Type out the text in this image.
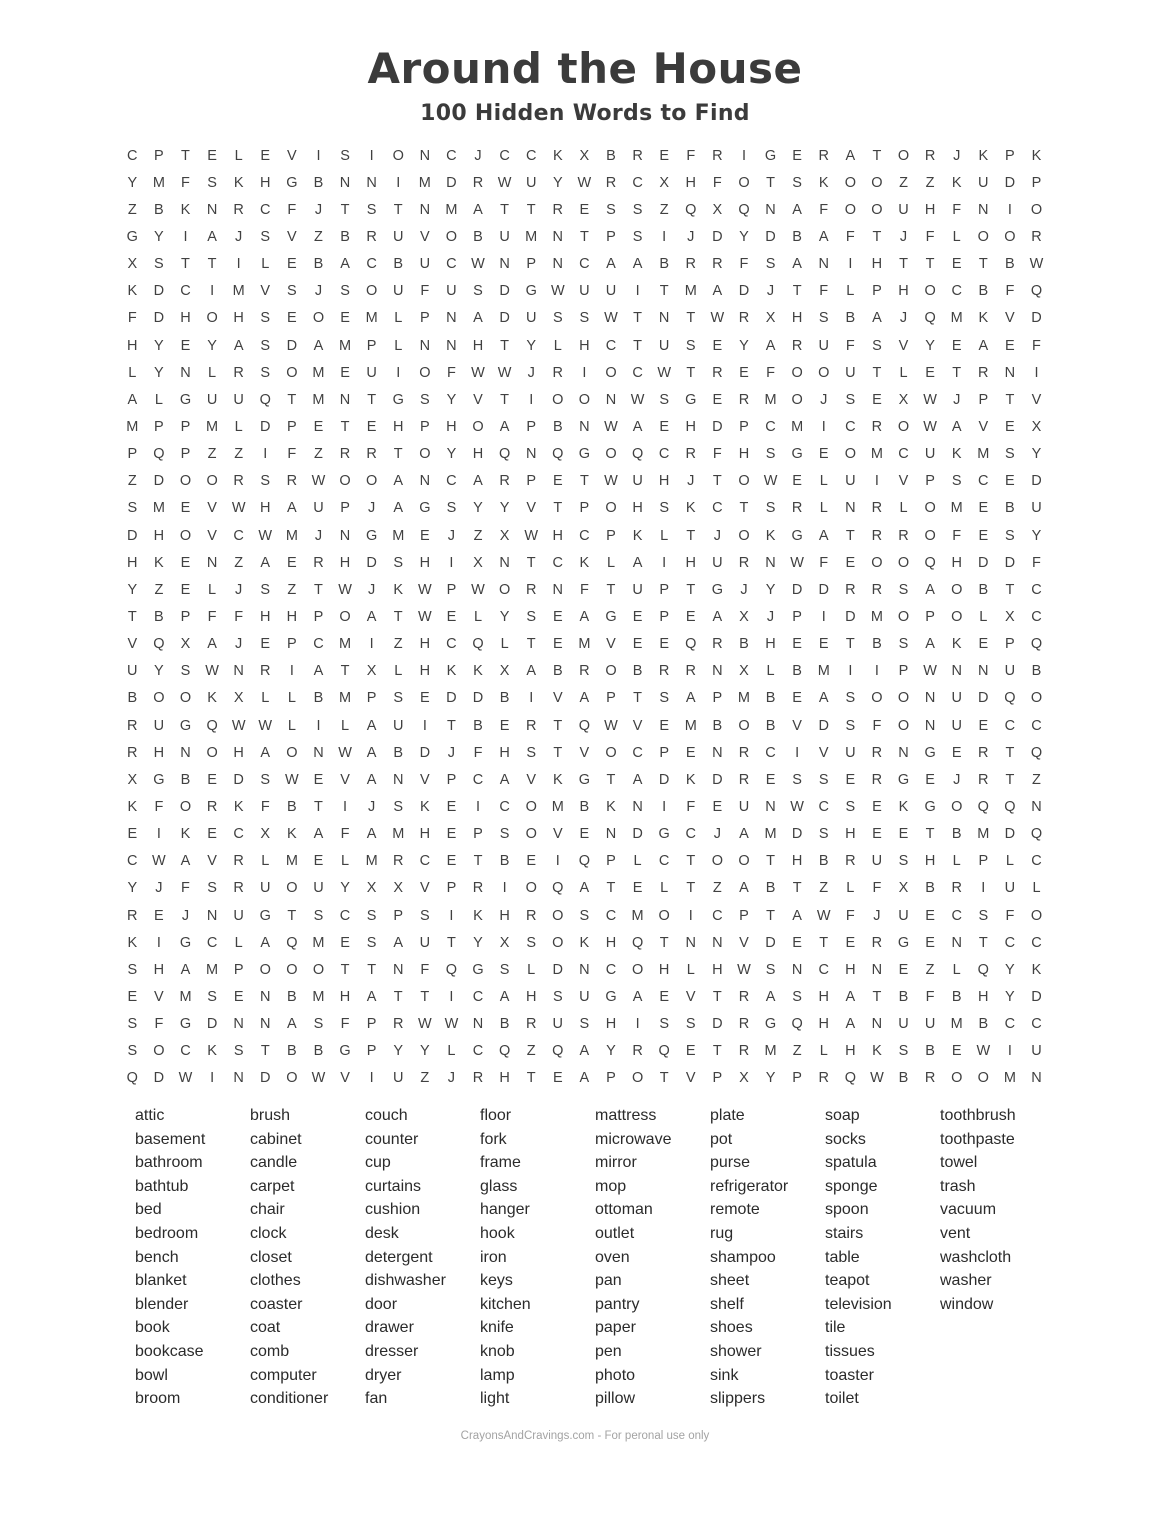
Around the House
100 Hidden Words to Find
C	P	T	E	L	E	V	I	S	I	O	N	C	J	C	C	K	X	B	R	E	F	R	I	G	E	R	A	T	O	R	J	K	P	K
Y	M	F	S	K	H	G	B	N	N	I	M	D	R	W	U	Y	W	R	C	X	H	F	O	T	S	K	O	O	Z	Z	K	U	D	P
Z	B	K	N	R	C	F	J	T	S	T	N	M	A	T	T	R	E	S	S	Z	Q	X	Q	N	A	F	O	O	U	H	F	N	I	O
G	Y	I	A	J	S	V	Z	B	R	U	V	O	B	U	M	N	T	P	S	I	J	D	Y	D	B	A	F	T	J	F	L	O	O	R
X	S	T	T	I	L	E	B	A	C	B	U	C	W	N	P	N	C	A	A	B	R	R	F	S	A	N	I	H	T	T	E	T	B	W
K	D	C	I	M	V	S	J	S	O	U	F	U	S	D	G W	U	U	I	T	M	A	D	J	T	F	L	P	H	O	C	B	F	Q
F	D	H	O	H	S	E	O	E	M	L	P	N	A	D	U	S	S	W	T	N	T	W	R	X	H	S	B	A	J	Q	M	K	V	D
H	Y	E	Y	A	S	D	A	M	P	L	N	N	H	T	Y	L	H	C	T	U	S	E	Y	A	R	U	F	S	V	Y	E	A	E	F
L	Y	N	L	R	S	O	M	E	U	I	O	F	W W	J	R	I	O	C	W	T	R	E	F	O	O	U	T	L	E	T	R	N	I
A	L	G	U	U	Q	T	M	N	T	G	S	Y	V	T	I	O	O	N	W	S	G	E	R	M	O	J	S	E	X	W	J	P	T	V
M	P	P	M	L	D	P	E	T	E	H	P	H	O	A	P	B	N	W	A	E	H	D	P	C	M	I	C	R	O W	A	V	E	X
P	Q	P	Z	Z	I	F	Z	R	R	T	O	Y	H	Q	N	Q	G	O	Q	C	R	F	H	S	G	E	O	M	C	U	K	M	S	Y
Z	D	O	O	R	S	R	W O	O	A	N	C	A	R	P	E	T	W	U	H	J	T	O W	E	L	U	I	V	P	S	C	E	D
S	M	E	V	W	H	A	U	P	J	A	G	S	Y	Y	V	T	P	O	H	S	K	C	T	S	R	L	N	R	L	O	M	E	B	U
D	H	O	V	C	W M	J	N	G	M	E	J	Z	X	W	H	C	P	K	L	T	J	O	K	G	A	T	R	R	O	F	E	S	Y
H	K	E	N	Z	A	E	R	H	D	S	H	I	X	N	T	C	K	L	A	I	H	U	R	N	W	F	E	O	O	Q	H	D	D	F
Y	Z	E	L	J	S	Z	T	W	J	K	W	P	W O	R	N	F	T	U	P	T	G	J	Y	D	D	R	R	S	A	O	B	T	C
T	B	P	F	F	H	H	P	O	A	T	W	E	L	Y	S	E	A	G	E	P	E	A	X	J	P	I	D	M	O	P	O	L	X	C
V	Q	X	A	J	E	P	C	M	I	Z	H	C	Q	L	T	E	M	V	E	E	Q	R	B	H	E	E	T	B	S	A	K	E	P	Q
U	Y	S	W	N	R	I	A	T	X	L	H	K	K	X	A	B	R	O	B	R	R	N	X	L	B	M	I	I	P	W	N	N	U	B
B	O	O	K	X	L	L	B	M	P	S	E	D	D	B	I	V	A	P	T	S	A	P	M	B	E	A	S	O	O	N	U	D	Q	O
R	U	G	Q W W	L	I	L	A	U	I	T	B	E	R	T	Q W	V	E	M	B	O	B	V	D	S	F	O	N	U	E	C	C
R	H	N	O	H	A	O	N	W	A	B	D	J	F	H	S	T	V	O	C	P	E	N	R	C	I	V	U	R	N	G	E	R	T	Q
X	G	B	E	D	S	W	E	V	A	N	V	P	C	A	V	K	G	T	A	D	K	D	R	E	S	S	E	R	G	E	J	R	T	Z
K	F	O	R	K	F	B	T	I	J	S	K	E	I	C	O	M	B	K	N	I	F	E	U	N	W	C	S	E	K	G	O	Q	Q	N
E	I	K	E	C	X	K	A	F	A	M	H	E	P	S	O	V	E	N	D	G	C	J	A	M	D	S	H	E	E	T	B	M	D	Q
C	W	A	V	R	L	M	E	L	M	R	C	E	T	B	E	I	Q	P	L	C	T	O	O	T	H	B	R	U	S	H	L	P	L	C
Y	J	F	S	R	U	O	U	Y	X	X	V	P	R	I	O	Q	A	T	E	L	T	Z	A	B	T	Z	L	F	X	B	R	I	U	L
R	E	J	N	U	G	T	S	C	S	P	S	I	K	H	R	O	S	C	M	O	I	C	P	T	A	W	F	J	U	E	C	S	F	O
K	I	G	C	L	A	Q	M	E	S	A	U	T	Y	X	S	O	K	H	Q	T	N	N	V	D	E	T	E	R	G	E	N	T	C	C
S	H	A	M	P	O	O	O	T	T	N	F	Q	G	S	L	D	N	C	O	H	L	H	W	S	N	C	H	N	E	Z	L	Q	Y	K
E	V	M	S	E	N	B	M	H	A	T	T	I	C	A	H	S	U	G	A	E	V	T	R	A	S	H	A	T	B	F	B	H	Y	D
S	F	G	D	N	N	A	S	F	P	R	W W	N	B	R	U	S	H	I	S	S	D	R	G	Q	H	A	N	U	U	M	B	C	C
S	O	C	K	S	T	B	B	G	P	Y	Y	L	C	Q	Z	Q	A	Y	R	Q	E	T	R	M	Z	L	H	K	S	B	E	W	I	U
Q	D	W	I	N	D	O W	V	I	U	Z	J	R	H	T	E	A	P	O	T	V	P	X	Y	P	R	Q W	B	R	O	O	M	N
attic
basement
bathroom
bathtub
bed
bedroom
bench
blanket
blender
book
bookcase
bowl
broom
brush
cabinet
candle
carpet
chair
clock
closet
clothes
coaster
coat
comb
computer
conditioner
couch
counter
cup
curtains
cushion
desk
detergent
dishwasher
door
drawer
dresser
dryer
fan
floor
fork
frame
glass
hanger
hook
iron
keys
kitchen
knife
knob
lamp
light
mattress
microwave
mirror
mop
ottoman
outlet
oven
pan
pantry
paper
pen
photo
pillow
plate
pot
purse
refrigerator
remote
rug
shampoo
sheet
shelf
shoes
shower
sink
slippers
soap
socks
spatula
sponge
spoon
stairs
table
teapot
television
tile
tissues
toaster
toilet
toothbrush
toothpaste
towel
trash
vacuum
vent
washcloth
washer
window
CrayonsAndCravings.com - For peronal use only
